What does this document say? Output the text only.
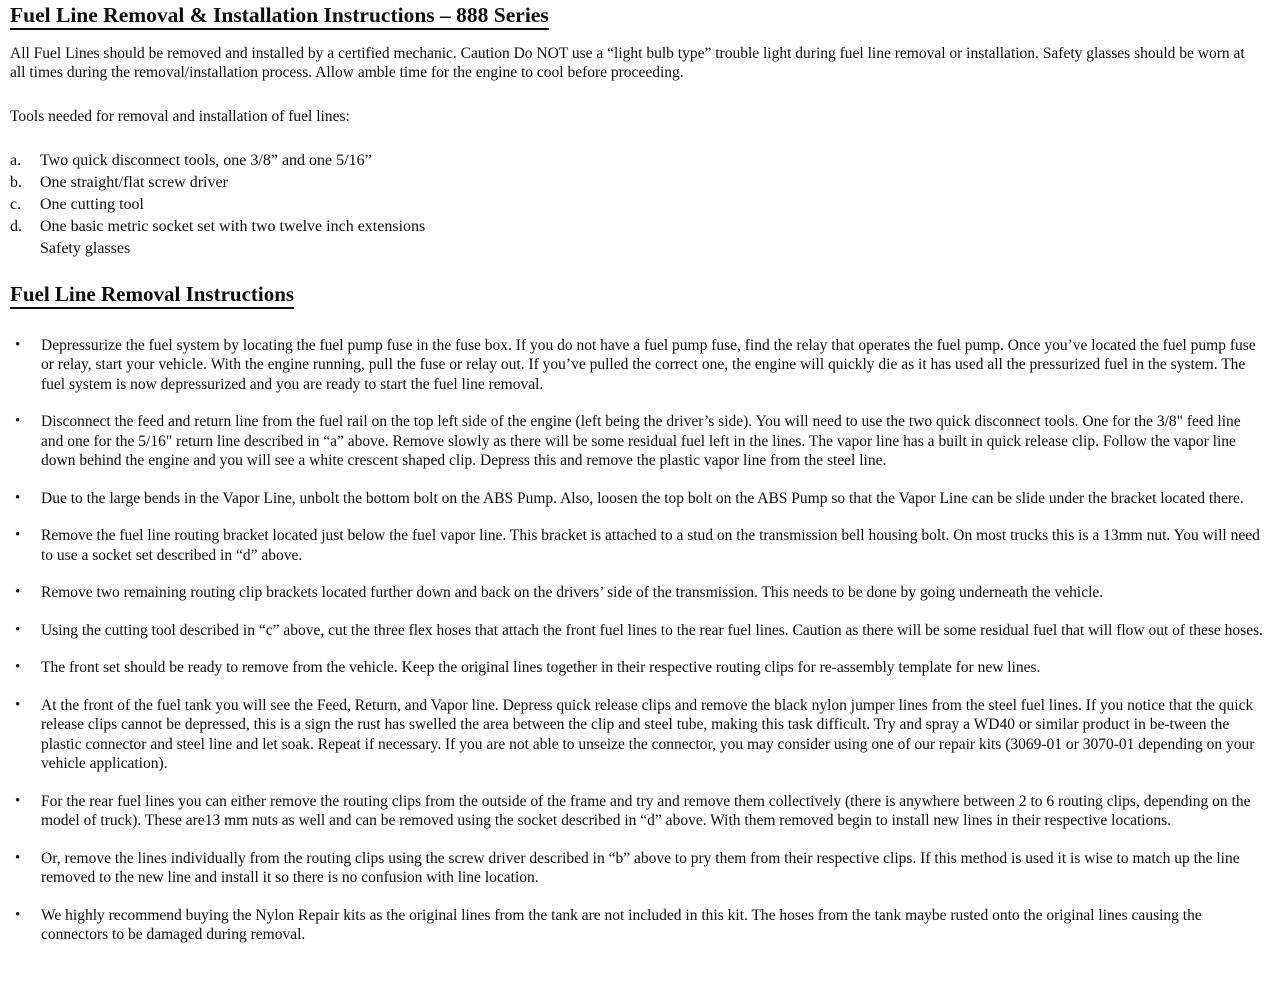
Fuel Line Removal & Installation Instructions – 888 Series

All Fuel Lines should be removed and installed by a certified mechanic. Caution Do NOT use a “light bulb type” trouble light during fuel line removal or installation. Safety glasses should be worn at all times during the removal/installation process. Allow amble time for the engine to cool before proceeding.

Tools needed for removal and installation of fuel lines:

a.	Two quick disconnect tools, one 3/8” and one 5/16”
b.	One straight/flat screw driver
c.	One cutting tool
d.	One basic metric socket set with two twelve inch extensions
Safety glasses
Fuel Line Removal Instructions
•	Depressurize the fuel system by locating the fuel pump fuse in the fuse box. If you do not have a fuel pump fuse, find the relay that operates the fuel pump. Once you’ve located the fuel pump fuse or relay, start your vehicle. With the engine running, pull the fuse or relay out. If you’ve pulled the correct one, the engine will quickly die as it has used all the pressurized fuel in the system. The fuel system is now depressurized and you are ready to start the fuel line removal.
•	Disconnect the feed and return line from the fuel rail on the top left side of the engine (left being the driver’s side). You will need to use the two quick disconnect tools. One for the 3/8" feed line and one for the 5/16" return line described in “a” above. Remove slowly as there will be some residual fuel left in the lines. The vapor line has a built in quick release clip. Follow the vapor line down behind the engine and you will see a white crescent shaped clip. Depress this and remove the plastic vapor line from the steel line.
•	Due to the large bends in the Vapor Line, unbolt the bottom bolt on the ABS Pump. Also, loosen the top bolt on the ABS Pump so that the Vapor Line can be slide under the bracket located there.
•	Remove the fuel line routing bracket located just below the fuel vapor line. This bracket is attached to a stud on the transmission bell housing bolt. On most trucks this is a 13mm nut. You will need to use a socket set described in “d” above.
•	Remove two remaining routing clip brackets located further down and back on the drivers’ side of the transmission. This needs to be done by going underneath the vehicle.
•	Using the cutting tool described in “c” above, cut the three flex hoses that attach the front fuel lines to the rear fuel lines. Caution as there will be some residual fuel that will flow out of these hoses.
•	The front set should be ready to remove from the vehicle. Keep the original lines together in their respective routing clips for re-assembly template for new lines.
•	At the front of the fuel tank you will see the Feed, Return, and Vapor line. Depress quick release clips and remove the black nylon jumper lines from the steel fuel lines. If you notice that the quick release clips cannot be depressed, this is a sign the rust has swelled the area between the clip and steel tube, making this task difficult. Try and spray a WD40 or similar product in be-tween the plastic connector and steel line and let soak. Repeat if necessary. If you are not able to unseize the connector, you may consider using one of our repair kits (3069-01 or 3070-01 depending on your vehicle application).
•	For the rear fuel lines you can either remove the routing clips from the outside of the frame and try and remove them collectively (there is anywhere between 2 to 6 routing clips, depending on the model of truck). These are13 mm nuts as well and can be removed using the socket described in “d” above. With them removed begin to install new lines in their respective locations.
•	Or, remove the lines individually from the routing clips using the screw driver described in “b” above to pry them from their respective clips. If this method is used it is wise to match up the line removed to the new line and install it so there is no confusion with line location.
•	We highly recommend buying the Nylon Repair kits as the original lines from the tank are not included in this kit. The hoses from the tank maybe rusted onto the original lines causing the connectors to be damaged during removal.
